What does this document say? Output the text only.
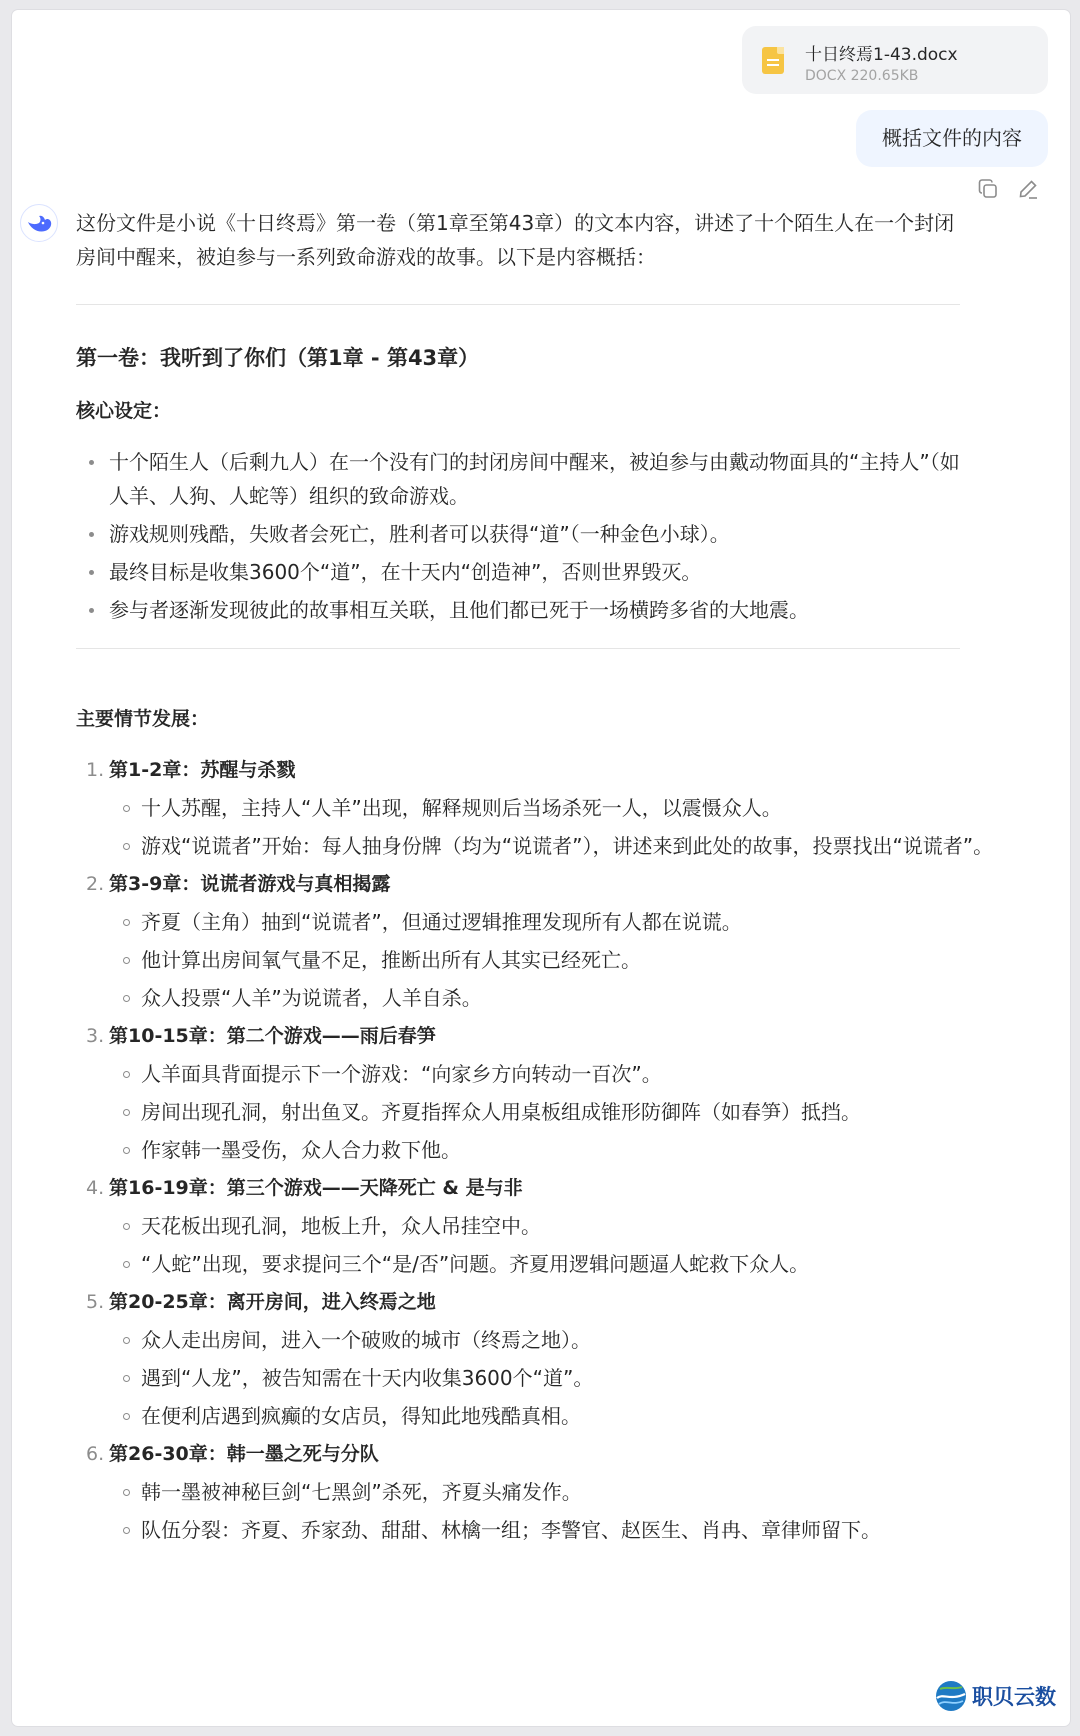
十日终焉1-43.docx
DOCX 220.65KB
概括文件的内容

这份文件是小说《十日终焉》第一卷（第1章至第43章）的文本内容，讲述了十个陌生人在一个封闭房间中醒来，被迫参与一系列致命游戏的故事。以下是内容概括：

第一卷：我听到了你们（第1章 - 第43章）
核心设定：
十个陌生人（后剩九人）在一个没有门的封闭房间中醒来，被迫参与由戴动物面具的“主持人”（如人羊、人狗、人蛇等）组织的致命游戏。
游戏规则残酷，失败者会死亡，胜利者可以获得“道”（一种金色小球）。
最终目标是收集3600个“道”，在十天内“创造神”，否则世界毁灭。
参与者逐渐发现彼此的故事相互关联，且他们都已死于一场横跨多省的大地震。
主要情节发展：
1. 第1-2章：苏醒与杀戮
十人苏醒，主持人“人羊”出现，解释规则后当场杀死一人，以震慑众人。
游戏“说谎者”开始：每人抽身份牌（均为“说谎者”），讲述来到此处的故事，投票找出“说谎者”。
2. 第3-9章：说谎者游戏与真相揭露
齐夏（主角）抽到“说谎者”，但通过逻辑推理发现所有人都在说谎。
他计算出房间氧气量不足，推断出所有人其实已经死亡。
众人投票“人羊”为说谎者，人羊自杀。
3. 第10-15章：第二个游戏——雨后春笋
人羊面具背面提示下一个游戏：“向家乡方向转动一百次”。
房间出现孔洞，射出鱼叉。齐夏指挥众人用桌板组成锥形防御阵（如春笋）抵挡。
作家韩一墨受伤，众人合力救下他。
4. 第16-19章：第三个游戏——天降死亡 & 是与非
天花板出现孔洞，地板上升，众人吊挂空中。
“人蛇”出现，要求提问三个“是/否”问题。齐夏用逻辑问题逼人蛇救下众人。
5. 第20-25章：离开房间，进入终焉之地
众人走出房间，进入一个破败的城市（终焉之地）。
遇到“人龙”，被告知需在十天内收集3600个“道”。
在便利店遇到疯癫的女店员，得知此地残酷真相。
6. 第26-30章：韩一墨之死与分队
韩一墨被神秘巨剑“七黑剑”杀死，齐夏头痛发作。
队伍分裂：齐夏、乔家劲、甜甜、林檎一组；李警官、赵医生、肖冉、章律师留下。
职贝云数
